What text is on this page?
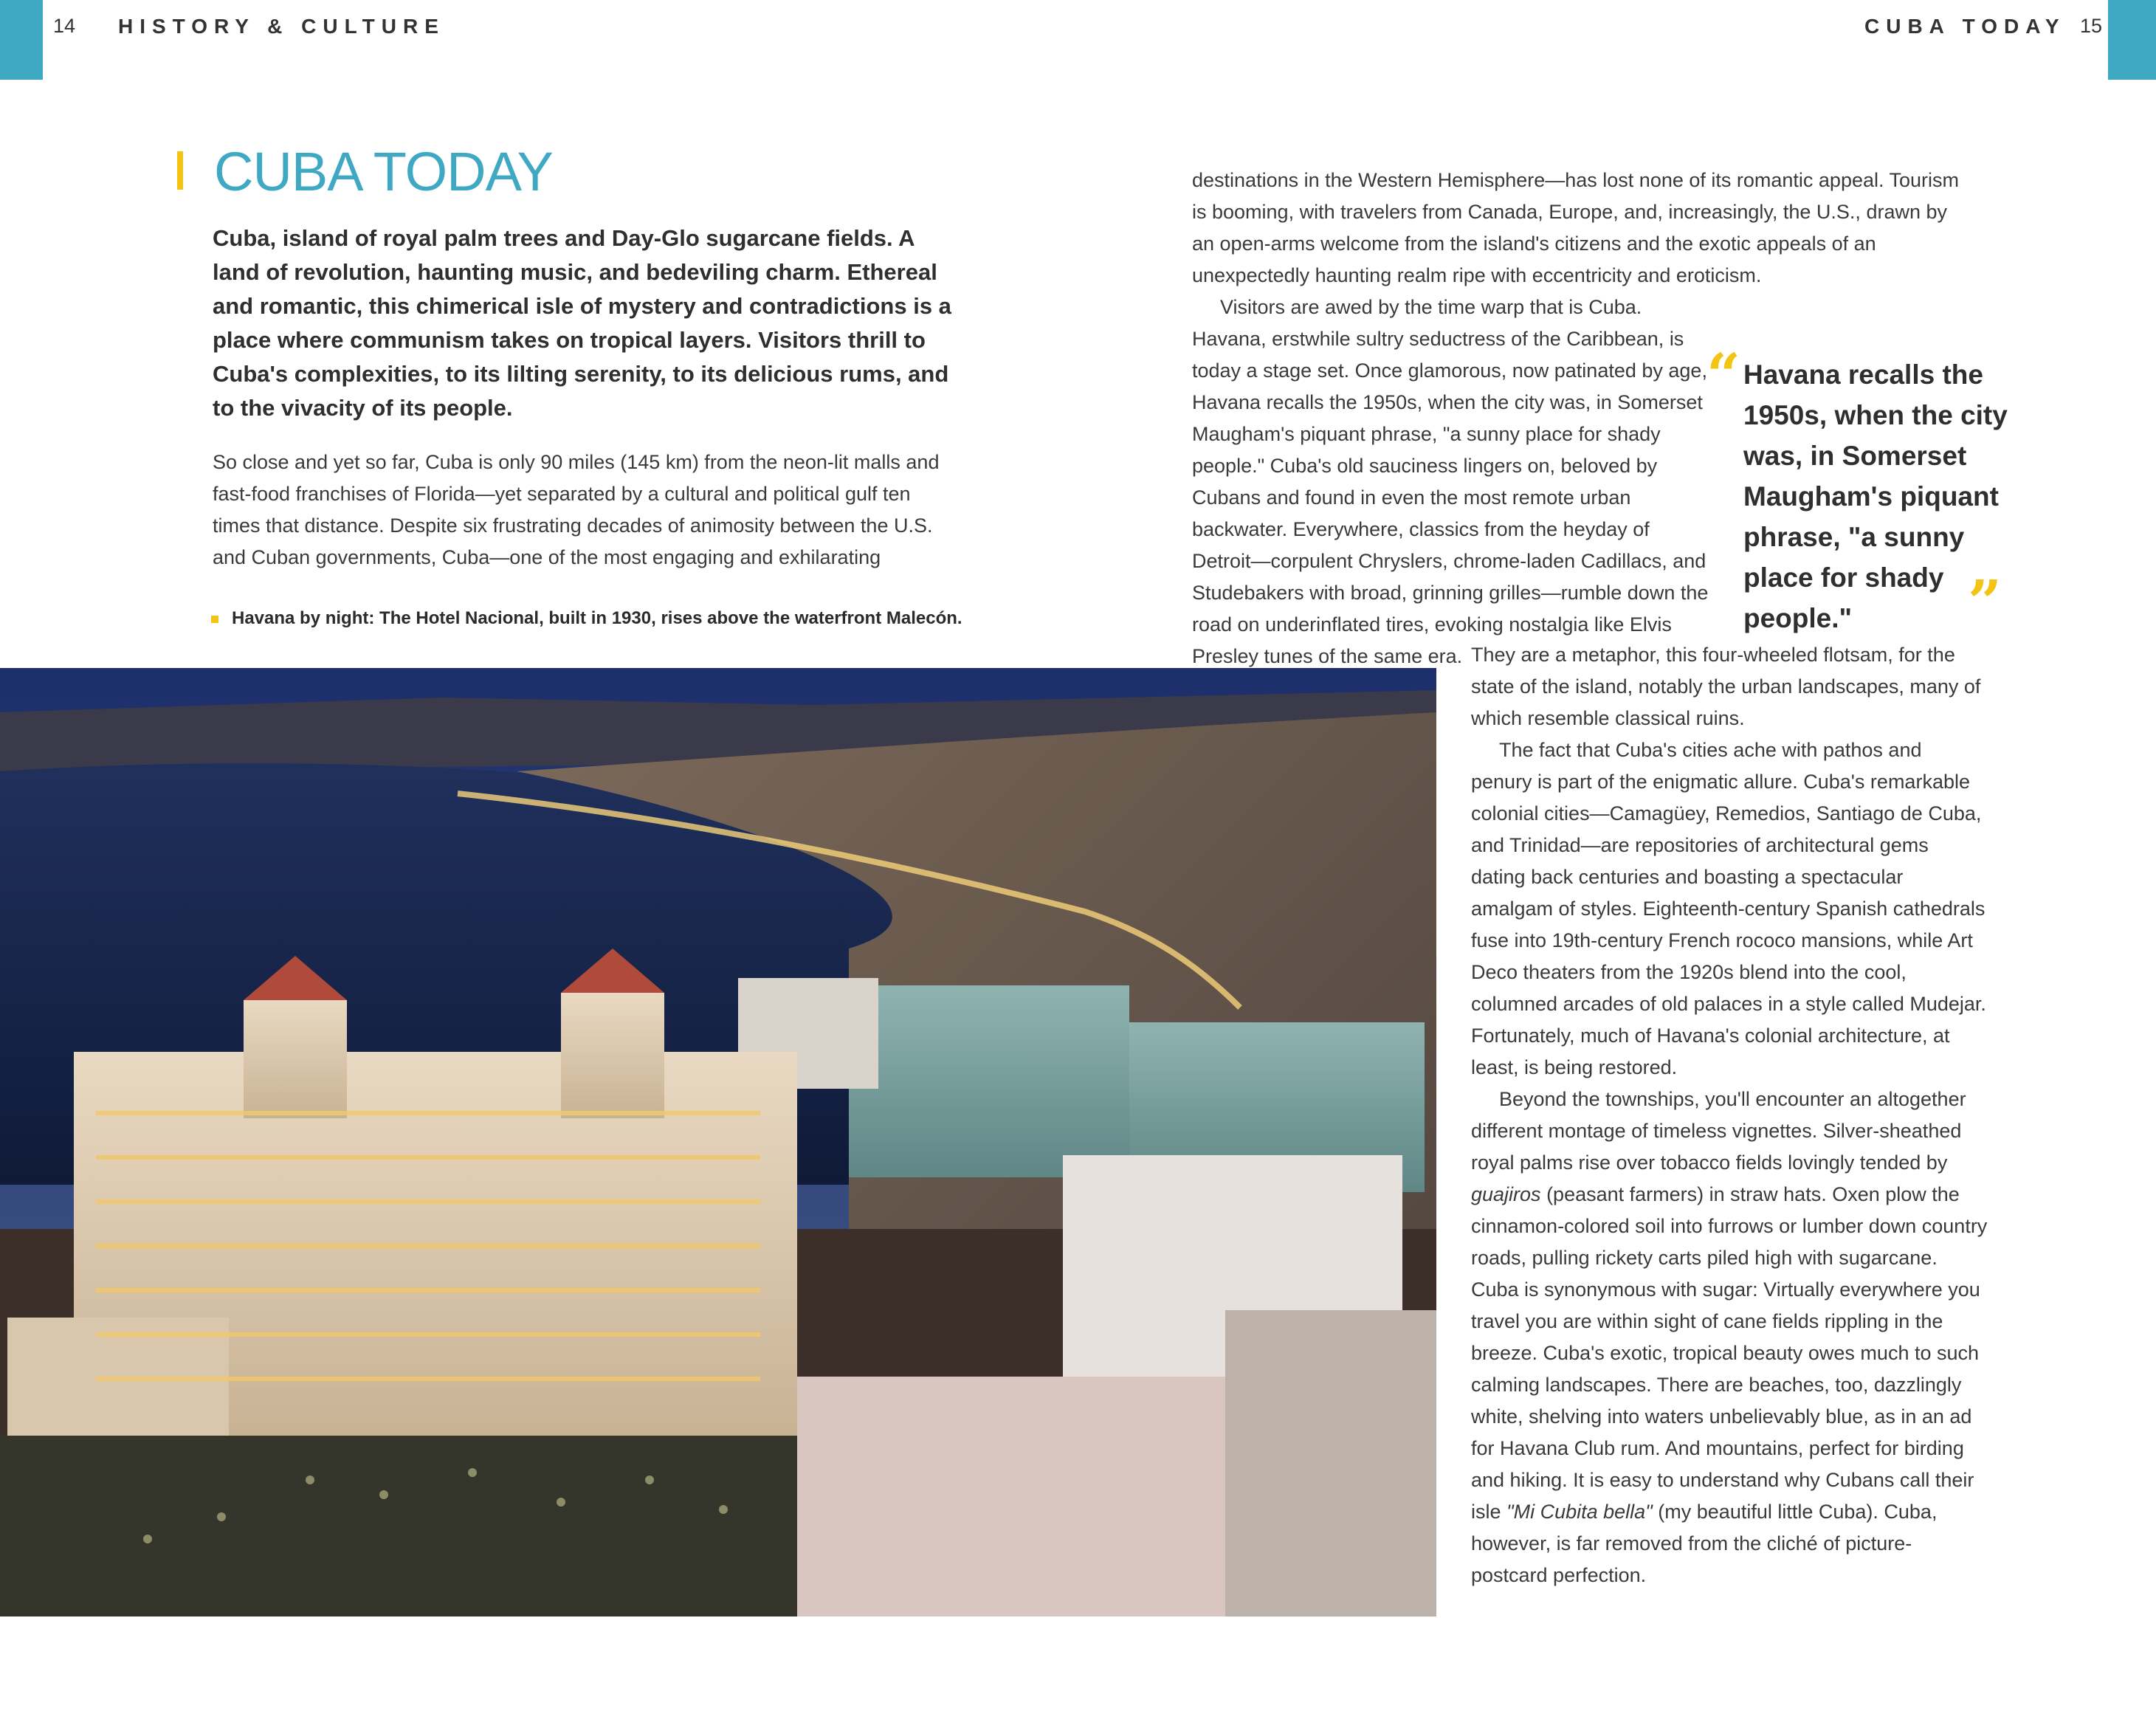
14 HISTORY & CULTURE	CUBA TODAY 15
CUBA TODAY

Cuba, island of royal palm trees and Day-Glo sugarcane fields. A land of revolution, haunting music, and bedeviling charm. Ethereal and romantic, this chimerical isle of mystery and contradictions is a place where communism takes on tropical layers. Visitors thrill to Cuba's complexities, to its lilting serenity, to its delicious rums, and to the vivacity of its people.

So close and yet so far, Cuba is only 90 miles (145 km) from the neon-lit malls and fast-food franchises of Florida—yet separated by a cultural and political gulf ten times that distance. Despite six frustrating decades of animosity between the U.S. and Cuban governments, Cuba—one of the most engaging and exhilarating

Havana by night: The Hotel Nacional, built in 1930, rises above the waterfront Malecón.

destinations in the Western Hemisphere—has lost none of its romantic appeal. Tourism is booming, with travelers from Canada, Europe, and, increasingly, the U.S., drawn by an open-arms welcome from the island's citizens and the exotic appeals of an unexpectedly haunting realm ripe with eccentricity and eroticism.

Visitors are awed by the time warp that is Cuba. Havana, erstwhile sultry seductress of the Caribbean, is today a stage set. Once glamorous, now patinated by age, Havana recalls the 1950s, when the city was, in Somerset Maugham's piquant phrase, "a sunny place for shady people." Cuba's old sauciness lingers on, beloved by Cubans and found in even the most remote urban backwater. Everywhere, classics from the heyday of Detroit—corpulent Chryslers, chrome-laden Cadillacs, and Studebakers with broad, grinning grilles—rumble down the road on underinflated tires, evoking nostalgia like Elvis Presley tunes of the same era.

“ Havana recalls the 1950s, when the city was, in Somerset Maugham's piquant phrase, "a sunny place for shady people."	”

They are a metaphor, this four-wheeled flotsam, for the state of the island, notably the urban landscapes, many of which resemble classical ruins.

The fact that Cuba's cities ache with pathos and penury is part of the enigmatic allure. Cuba's remarkable colonial cities—Camagüey, Remedios, Santiago de Cuba, and Trinidad—are repositories of architectural gems dating back centuries and boasting a spectacular amalgam of styles. Eighteenth-century Spanish cathedrals fuse into 19th-century French rococo mansions, while Art Deco theaters from the 1920s blend into the cool, columned arcades of old palaces in a style called Mudejar. Fortunately, much of Havana's colonial architecture, at least, is being restored.

Beyond the townships, you'll encounter an altogether different montage of timeless vignettes. Silver-sheathed royal palms rise over tobacco fields lovingly tended by guajiros (peasant farmers) in straw hats. Oxen plow the cinnamon-colored soil into furrows or lumber down country roads, pulling rickety carts piled high with sugarcane. Cuba is synonymous with sugar: Virtually everywhere you travel you are within sight of cane fields rippling in the breeze. Cuba's exotic, tropical beauty owes much to such calming landscapes. There are beaches, too, dazzlingly white, shelving into waters unbelievably blue, as in an ad for Havana Club rum. And mountains, perfect for birding and hiking. It is easy to understand why Cubans call their isle "Mi Cubita bella" (my beautiful little Cuba). Cuba, however, is far removed from the cliché of picture-postcard perfection.
